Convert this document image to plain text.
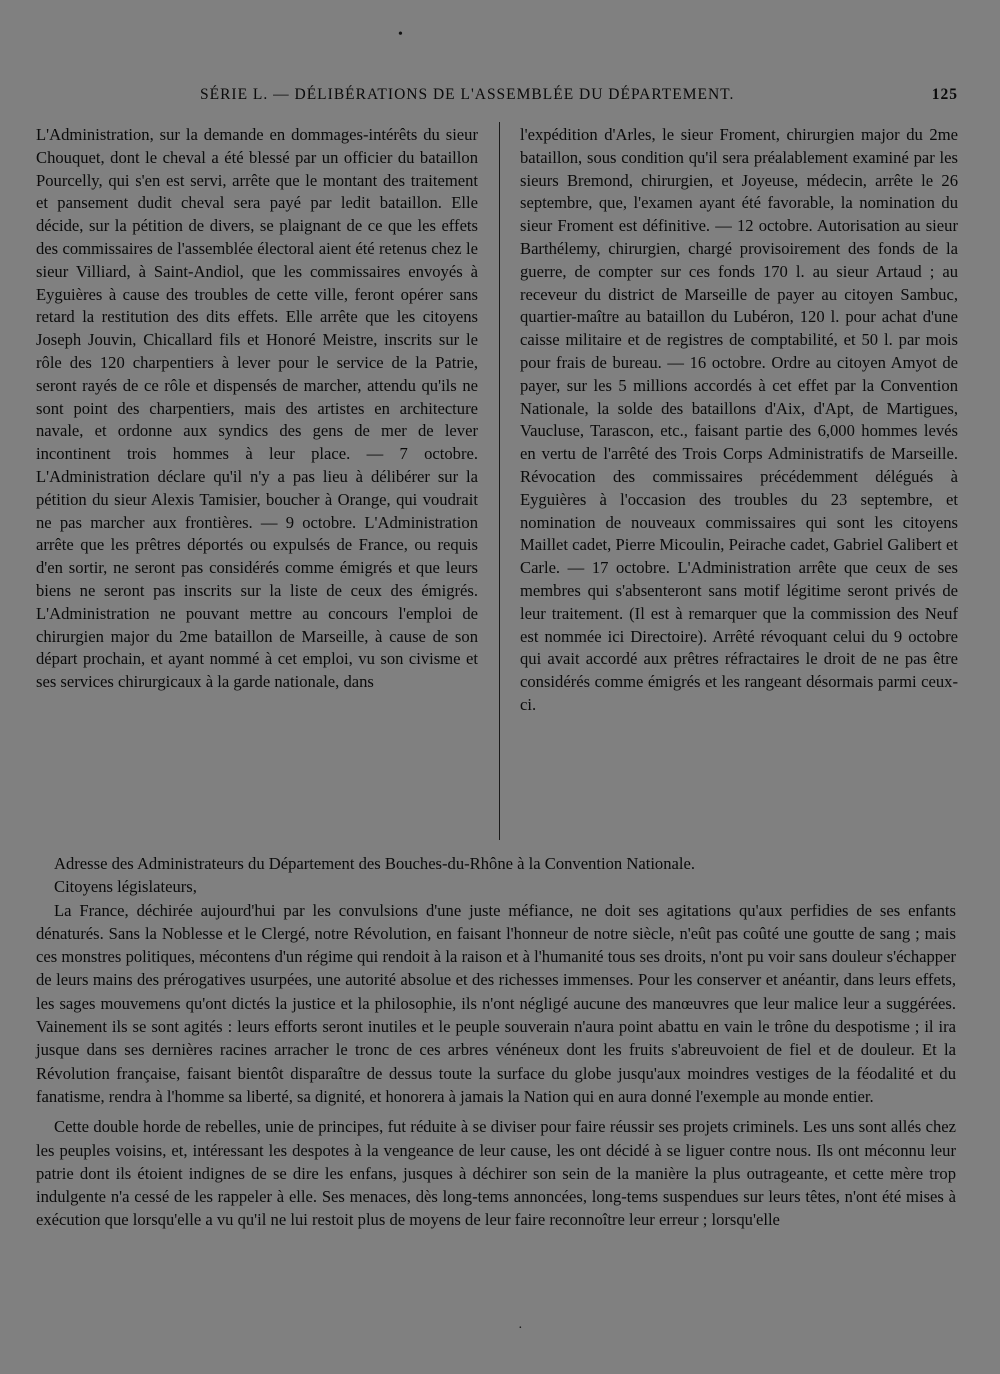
•
·
SÉRIE L. — DÉLIBÉRATIONS DE L'ASSEMBLÉE DU DÉPARTEMENT.	125

L'Administration, sur la demande en dommages-intérêts du sieur Chouquet, dont le cheval a été blessé par un officier du bataillon Pourcelly, qui s'en est servi, arrête que le montant des traitement et pansement dudit cheval sera payé par ledit bataillon. Elle décide, sur la pétition de divers, se plaignant de ce que les effets des commissaires de l'assemblée électoral aient été retenus chez le sieur Villiard, à Saint-Andiol, que les commissaires envoyés à Eyguières à cause des troubles de cette ville, feront opérer sans retard la restitution des dits effets. Elle arrête que les citoyens Joseph Jouvin, Chicallard fils et Honoré Meistre, inscrits sur le rôle des 120 charpentiers à lever pour le service de la Patrie, seront rayés de ce rôle et dispensés de marcher, attendu qu'ils ne sont point des charpentiers, mais des artistes en architecture navale, et ordonne aux syndics des gens de mer de lever incontinent trois hommes à leur place. — 7 octobre. L'Administration déclare qu'il n'y a pas lieu à délibérer sur la pétition du sieur Alexis Tamisier, boucher à Orange, qui voudrait ne pas marcher aux frontières. — 9 octobre. L'Administration arrête que les prêtres déportés ou expulsés de France, ou requis d'en sortir, ne seront pas considérés comme émigrés et que leurs biens ne seront pas inscrits sur la liste de ceux des émigrés. L'Administration ne pouvant mettre au concours l'emploi de chirurgien major du 2me bataillon de Marseille, à cause de son départ prochain, et ayant nommé à cet emploi, vu son civisme et ses services chirurgicaux à la garde nationale, dans

l'expédition d'Arles, le sieur Froment, chirurgien major du 2me bataillon, sous condition qu'il sera préalablement examiné par les sieurs Bremond, chirurgien, et Joyeuse, médecin, arrête le 26 septembre, que, l'examen ayant été favorable, la nomination du sieur Froment est définitive. — 12 octobre. Autorisation au sieur Barthélemy, chirurgien, chargé provisoirement des fonds de la guerre, de compter sur ces fonds 170 l. au sieur Artaud ; au receveur du district de Marseille de payer au citoyen Sambuc, quartier-maître au bataillon du Lubéron, 120 l. pour achat d'une caisse militaire et de registres de comptabilité, et 50 l. par mois pour frais de bureau. — 16 octobre. Ordre au citoyen Amyot de payer, sur les 5 millions accordés à cet effet par la Convention Nationale, la solde des bataillons d'Aix, d'Apt, de Martigues, Vaucluse, Tarascon, etc., faisant partie des 6,000 hommes levés en vertu de l'arrêté des Trois Corps Administratifs de Marseille. Révocation des commissaires précédemment délégués à Eyguières à l'occasion des troubles du 23 septembre, et nomination de nouveaux commissaires qui sont les citoyens Maillet cadet, Pierre Micoulin, Peirache cadet, Gabriel Galibert et Carle. — 17 octobre. L'Administration arrête que ceux de ses membres qui s'absenteront sans motif légitime seront privés de leur traitement. (Il est à remarquer que la commission des Neuf est nommée ici Directoire). Arrêté révoquant celui du 9 octobre qui avait accordé aux prêtres réfractaires le droit de ne pas être considérés comme émigrés et les rangeant désormais parmi ceux-ci.

Adresse des Administrateurs du Département des Bouches-du-Rhône à la Convention Nationale.

Citoyens législateurs,

La France, déchirée aujourd'hui par les convulsions d'une juste méfiance, ne doit ses agitations qu'aux perfidies de ses enfants dénaturés. Sans la Noblesse et le Clergé, notre Révolution, en faisant l'honneur de notre siècle, n'eût pas coûté une goutte de sang ; mais ces monstres politiques, mécontens d'un régime qui rendoit à la raison et à l'humanité tous ses droits, n'ont pu voir sans douleur s'échapper de leurs mains des prérogatives usurpées, une autorité absolue et des richesses immenses. Pour les conserver et anéantir, dans leurs effets, les sages mouvemens qu'ont dictés la justice et la philosophie, ils n'ont négligé aucune des manœuvres que leur malice leur a suggérées. Vainement ils se sont agités : leurs efforts seront inutiles et le peuple souverain n'aura point abattu en vain le trône du despotisme ; il ira jusque dans ses dernières racines arracher le tronc de ces arbres vénéneux dont les fruits s'abreuvoient de fiel et de douleur. Et la Révolution française, faisant bientôt disparaître de dessus toute la surface du globe jusqu'aux moindres vestiges de la féodalité et du fanatisme, rendra à l'homme sa liberté, sa dignité, et honorera à jamais la Nation qui en aura donné l'exemple au monde entier.

Cette double horde de rebelles, unie de principes, fut réduite à se diviser pour faire réussir ses projets criminels. Les uns sont allés chez les peuples voisins, et, intéressant les despotes à la vengeance de leur cause, les ont décidé à se liguer contre nous. Ils ont méconnu leur patrie dont ils étoient indignes de se dire les enfans, jusques à déchirer son sein de la manière la plus outrageante, et cette mère trop indulgente n'a cessé de les rappeler à elle. Ses menaces, dès long-tems annoncées, long-tems suspendues sur leurs têtes, n'ont été mises à exécution que lorsqu'elle a vu qu'il ne lui restoit plus de moyens de leur faire reconnoître leur erreur ; lorsqu'elle
